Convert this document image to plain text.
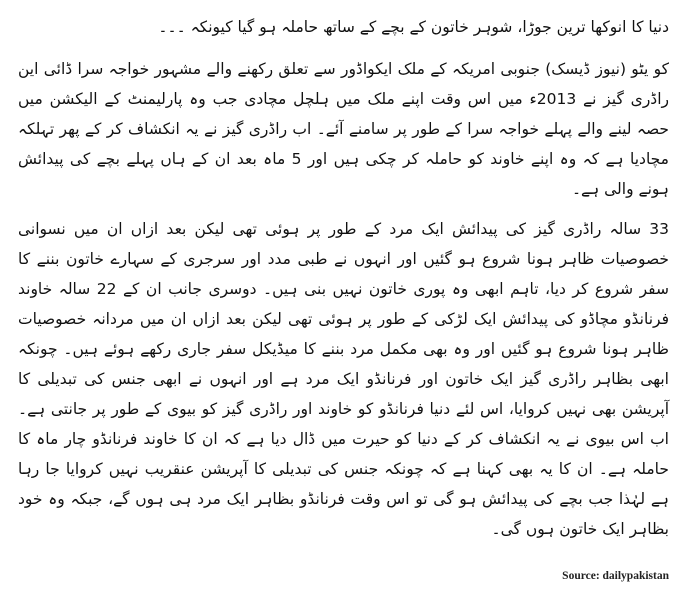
دنیا کا انوکھا ترین جوڑا، شوہر خاتون کے بچے کے ساتھ حاملہ ہو گیا کیونکہ ۔۔۔

کو یٹو (نیوز ڈیسک) جنوبی امریکہ کے ملک ایکواڈور سے تعلق رکھنے والے مشہور خواجہ سرا ڈائی این راڈری گیز نے 2013ء میں اس وقت اپنے ملک میں ہلچل مچادی جب وہ پارلیمنٹ کے الیکشن میں حصہ لینے والے پہلے خواجہ سرا کے طور پر سامنے آئے۔ اب راڈری گیز نے یہ انکشاف کر کے پھر تہلکہ مچادیا ہے کہ وہ اپنے خاوند کو حاملہ کر چکی ہیں اور 5 ماہ بعد ان کے ہاں پہلے بچے کی پیدائش ہونے والی ہے۔

33 سالہ راڈری گیز کی پیدائش ایک مرد کے طور پر ہوئی تھی لیکن بعد ازاں ان میں نسوانی خصوصیات ظاہر ہونا شروع ہو گئیں اور انہوں نے طبی مدد اور سرجری کے سہارے خاتون بننے کا سفر شروع کر دیا، تاہم ابھی وہ پوری خاتون نہیں بنی ہیں۔ دوسری جانب ان کے 22 سالہ خاوند فرنانڈو مچاڈو کی پیدائش ایک لڑکی کے طور پر ہوئی تھی لیکن بعد ازاں ان میں مردانہ خصوصیات ظاہر ہونا شروع ہو گئیں اور وہ بھی مکمل مرد بننے کا میڈیکل سفر جاری رکھے ہوئے ہیں۔ چونکہ ابھی بظاہر راڈری گیز ایک خاتون اور فرنانڈو ایک مرد ہے اور انہوں نے ابھی جنس کی تبدیلی کا آپریشن بھی نہیں کروایا، اس لئے دنیا فرنانڈو کو خاوند اور راڈری گیز کو بیوی کے طور پر جانتی ہے۔ اب اس بیوی نے یہ انکشاف کر کے دنیا کو حیرت میں ڈال دیا ہے کہ ان کا خاوند فرنانڈو چار ماہ کا حاملہ ہے۔ ان کا یہ بھی کہنا ہے کہ چونکہ جنس کی تبدیلی کا آپریشن عنقریب نہیں کروایا جا رہا ہے لہٰذا جب بچے کی پیدائش ہو گی تو اس وقت فرنانڈو بظاہر ایک مرد ہی ہوں گے، جبکہ وہ خود بظاہر ایک خاتون ہوں گی۔

Source: dailypakistan
